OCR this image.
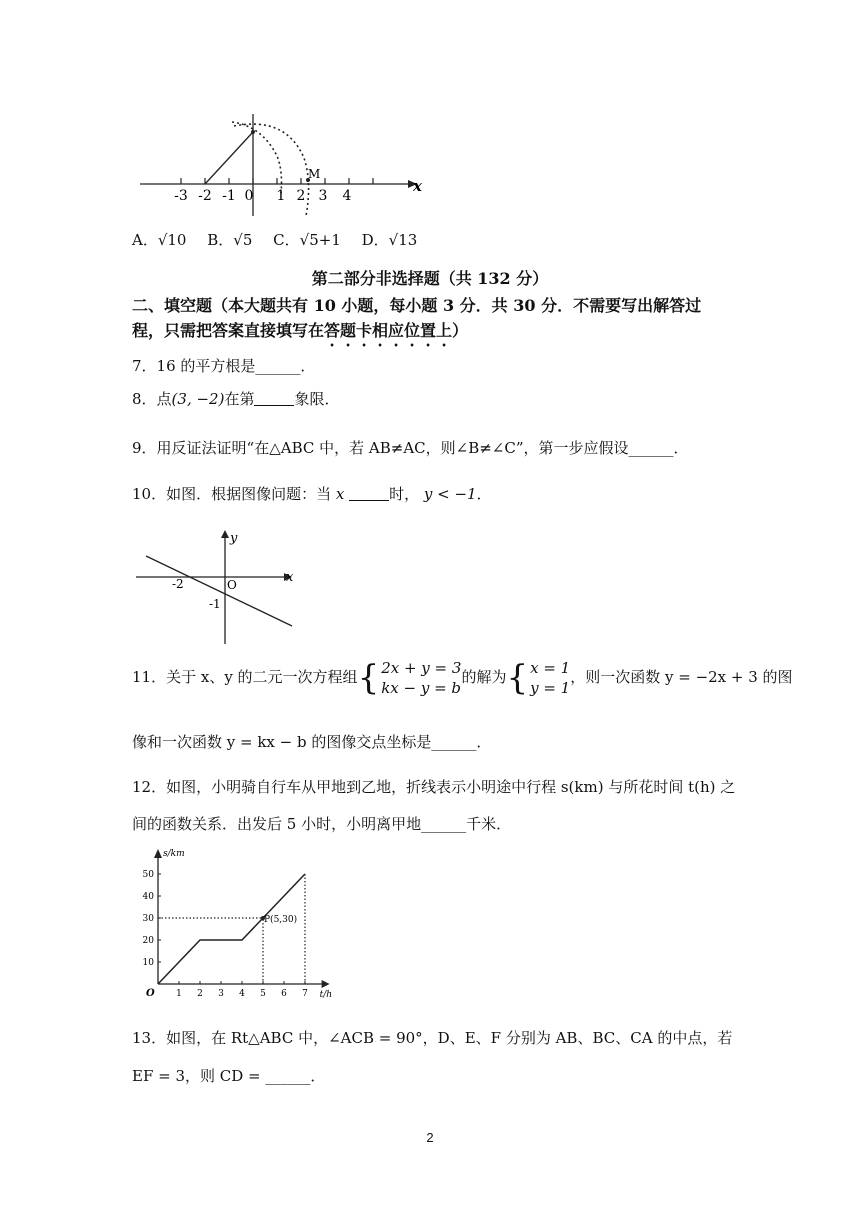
M
x
-3 -2 -1 0 1 2 3 4
A．√10 B．√5 C．√5+1 D．√13
第二部分非选择题（共 132 分）
二、填空题（本大题共有 10 小题，每小题 3 分．共 30 分．不需要写出解答过
程，只需把答案直接填写在答题卡相应位置上）
7．16 的平方根是______．
8．点(3, −2)在第	象限．
9．用反证法证明“在△ABC 中，若 AB≠AC，则∠B≠∠C”，第一步应假设______．
10．如图．根据图像问题：当 x	时， y < −1．
y
x
O
-2
-1
11．关于 x、y 的二元一次方程组{ 2x + y = 3
kx − y = b的解为{ x = 1
y = 1，则一次函数 y = −2x + 3 的图
像和一次函数 y = kx − b 的图像交点坐标是______．
12．如图，小明骑自行车从甲地到乙地，折线表示小明途中行程 s(km) 与所花时间 t(h) 之
间的函数关系．出发后 5 小时，小明离甲地______千米．
s/km
t/h
O 1 2 3 4 5 6 7
10
20
30
40
50
P(5,30)
13．如图，在 Rt△ABC 中，∠ACB = 90°，D、E、F 分别为 AB、BC、CA 的中点，若
EF = 3，则 CD = ______．
2
